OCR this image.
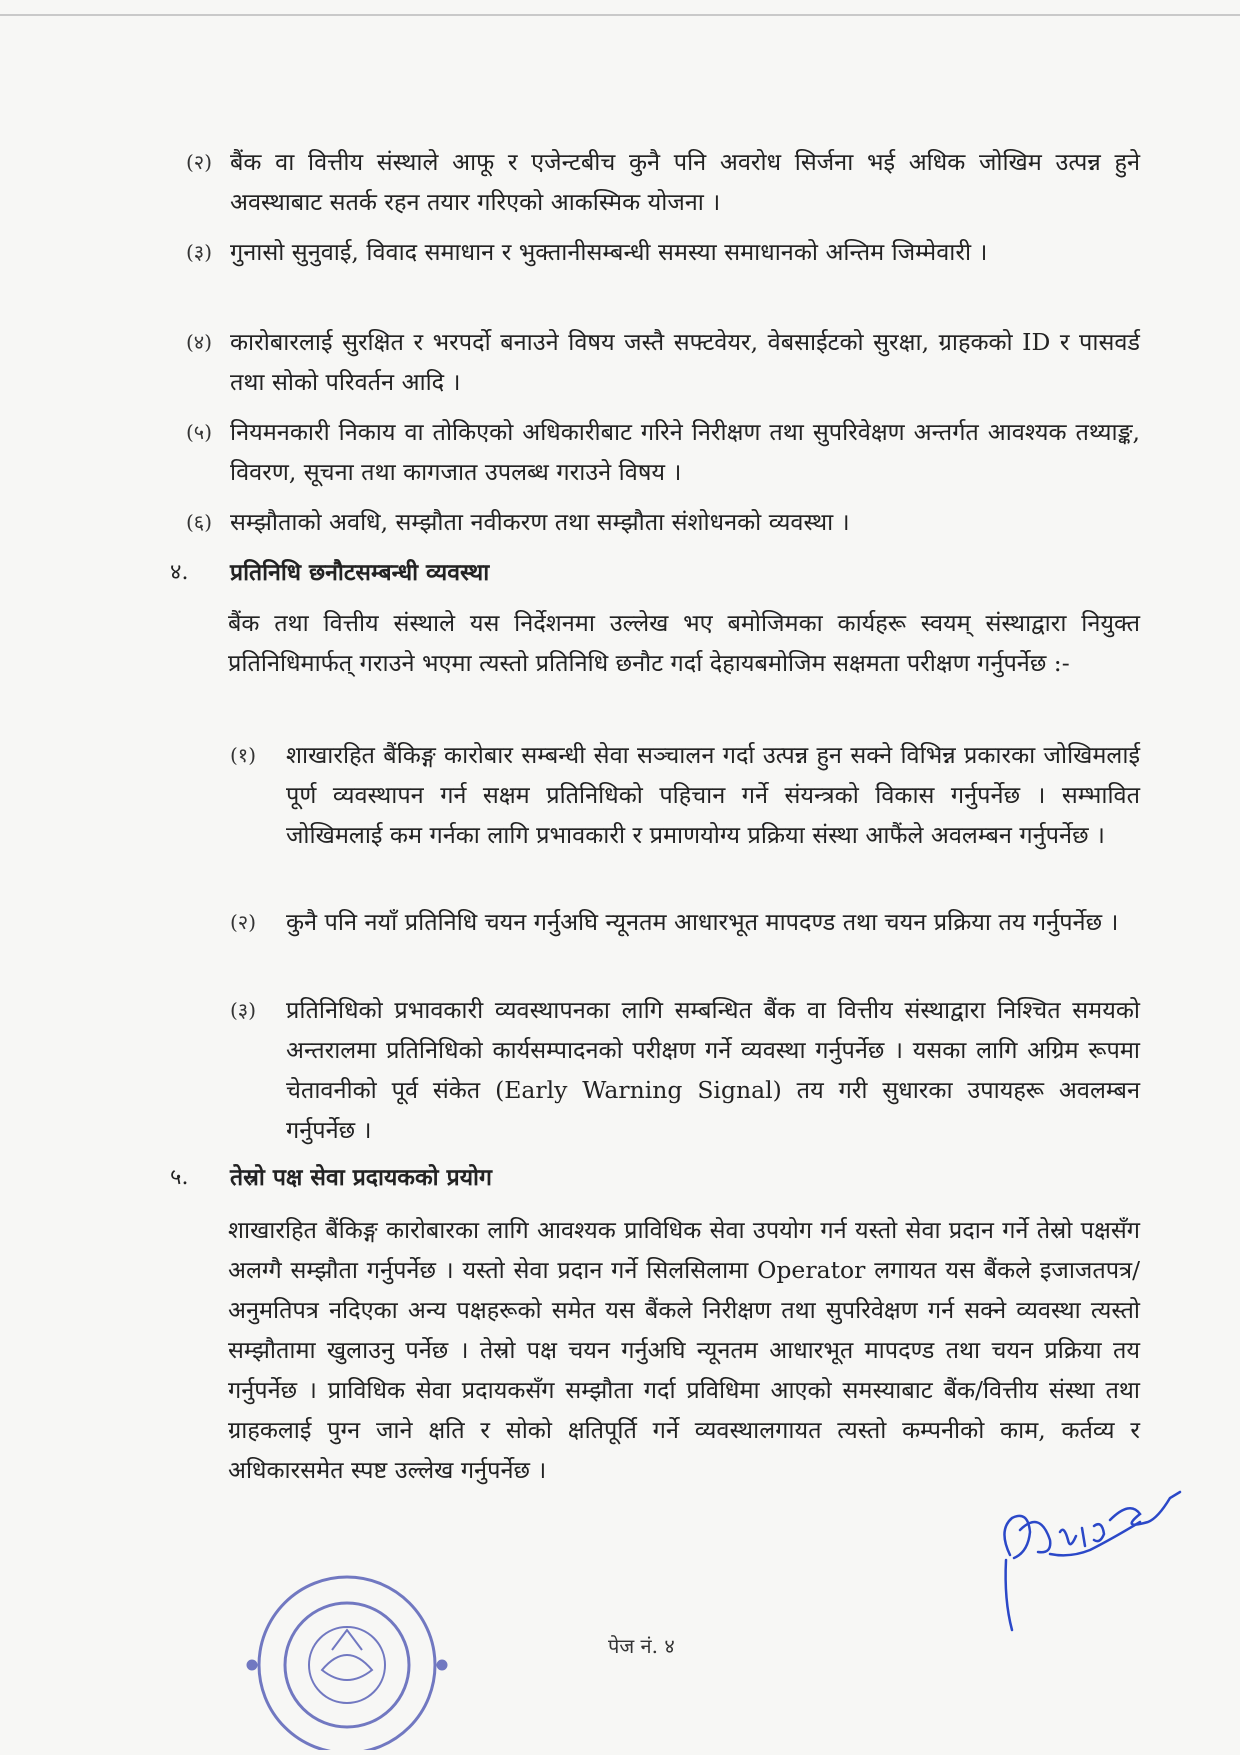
(२) बैंक वा वित्तीय संस्थाले आफू र एजेन्टबीच कुनै पनि अवरोध सिर्जना भई अधिक जोखिम उत्पन्न हुने अवस्थाबाट सतर्क रहन तयार गरिएको आकस्मिक योजना ।
(३) गुनासो सुनुवाई, विवाद समाधान र भुक्तानीसम्बन्धी समस्या समाधानको अन्तिम जिम्मेवारी ।
(४) कारोबारलाई सुरक्षित र भरपर्दो बनाउने विषय जस्तै सफ्टवेयर, वेबसाईटको सुरक्षा, ग्राहकको ID र पासवर्ड तथा सोको परिवर्तन आदि ।
(५) नियमनकारी निकाय वा तोकिएको अधिकारीबाट गरिने निरीक्षण तथा सुपरिवेक्षण अन्तर्गत आवश्यक तथ्याङ्क, विवरण, सूचना तथा कागजात उपलब्ध गराउने विषय ।
(६) सम्झौताको अवधि, सम्झौता नवीकरण तथा सम्झौता संशोधनको व्यवस्था ।
४. प्रतिनिधि छनौटसम्बन्धी व्यवस्था
बैंक तथा वित्तीय संस्थाले यस निर्देशनमा उल्लेख भए बमोजिमका कार्यहरू स्वयम् संस्थाद्वारा नियुक्त प्रतिनिधिमार्फत् गराउने भएमा त्यस्तो प्रतिनिधि छनौट गर्दा देहायबमोजिम सक्षमता परीक्षण गर्नुपर्नेछ :-
(१) शाखारहित बैंकिङ्ग कारोबार सम्बन्धी सेवा सञ्चालन गर्दा उत्पन्न हुन सक्ने विभिन्न प्रकारका जोखिमलाई पूर्ण व्यवस्थापन गर्न सक्षम प्रतिनिधिको पहिचान गर्ने संयन्त्रको विकास गर्नुपर्नेछ । सम्भावित जोखिमलाई कम गर्नका लागि प्रभावकारी र प्रमाणयोग्य प्रक्रिया संस्था आफैंले अवलम्बन गर्नुपर्नेछ ।
(२) कुनै पनि नयाँ प्रतिनिधि चयन गर्नुअघि न्यूनतम आधारभूत मापदण्ड तथा चयन प्रक्रिया तय गर्नुपर्नेछ ।
(३) प्रतिनिधिको प्रभावकारी व्यवस्थापनका लागि सम्बन्धित बैंक वा वित्तीय संस्थाद्वारा निश्चित समयको अन्तरालमा प्रतिनिधिको कार्यसम्पादनको परीक्षण गर्ने व्यवस्था गर्नुपर्नेछ । यसका लागि अग्रिम रूपमा चेतावनीको पूर्व संकेत (Early Warning Signal) तय गरी सुधारका उपायहरू अवलम्बन गर्नुपर्नेछ ।
५. तेस्रो पक्ष सेवा प्रदायकको प्रयोग
शाखारहित बैंकिङ्ग कारोबारका लागि आवश्यक प्राविधिक सेवा उपयोग गर्न यस्तो सेवा प्रदान गर्ने तेस्रो पक्षसँग अलग्गै सम्झौता गर्नुपर्नेछ । यस्तो सेवा प्रदान गर्ने सिलसिलामा Operator लगायत यस बैंकले इजाजतपत्र/अनुमतिपत्र नदिएका अन्य पक्षहरूको समेत यस बैंकले निरीक्षण तथा सुपरिवेक्षण गर्न सक्ने व्यवस्था त्यस्तो सम्झौतामा खुलाउनु पर्नेछ । तेस्रो पक्ष चयन गर्नुअघि न्यूनतम आधारभूत मापदण्ड तथा चयन प्रक्रिया तय गर्नुपर्नेछ । प्राविधिक सेवा प्रदायकसँग सम्झौता गर्दा प्रविधिमा आएको समस्याबाट बैंक/वित्तीय संस्था तथा ग्राहकलाई पुग्न जाने क्षति र सोको क्षतिपूर्ति गर्ने व्यवस्थालगायत त्यस्तो कम्पनीको काम, कर्तव्य र अधिकारसमेत स्पष्ट उल्लेख गर्नुपर्नेछ ।
पेज नं. ४
